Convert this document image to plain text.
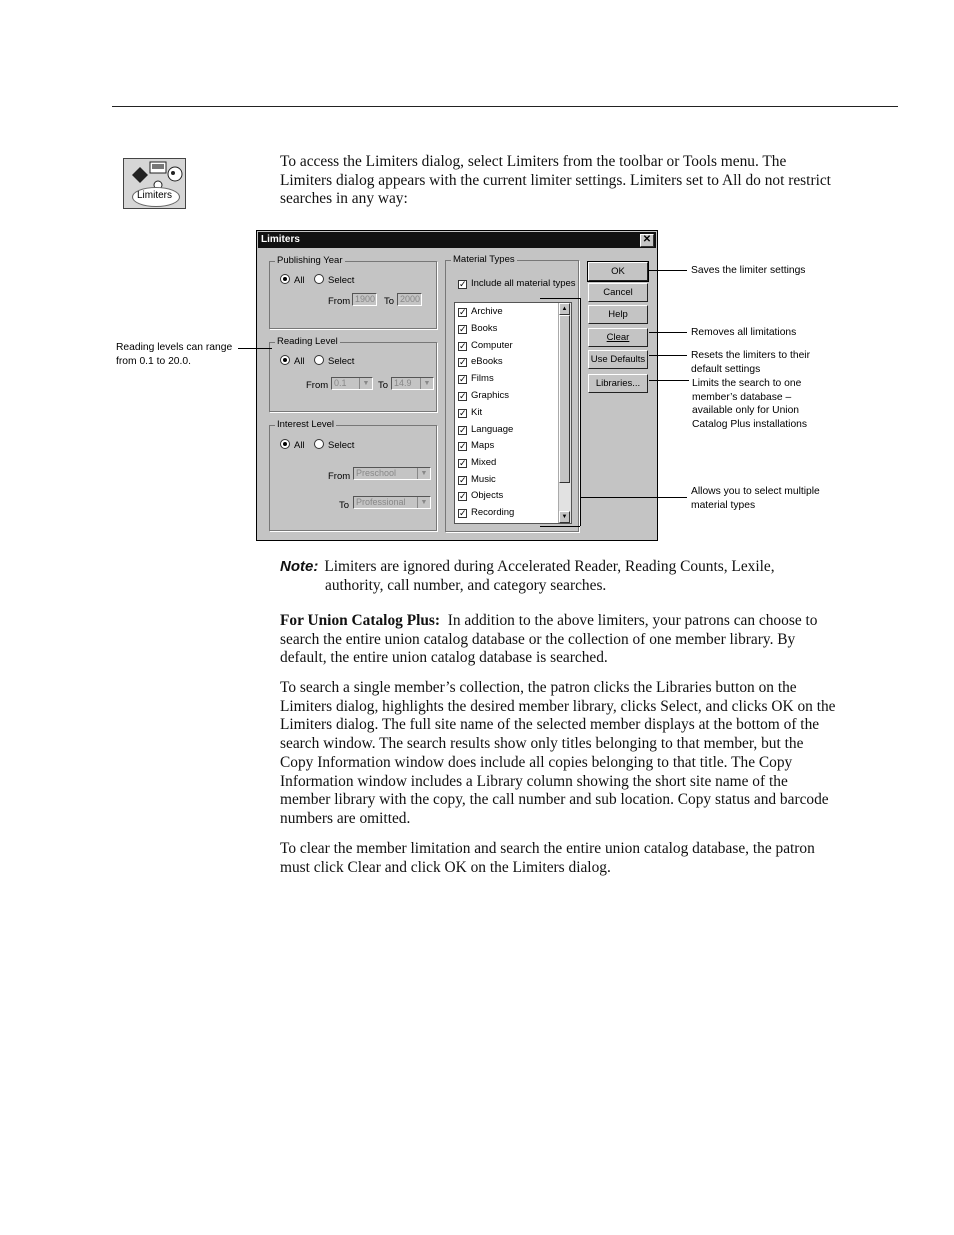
Limiters

To access the Limiters dialog, select Limiters from the toolbar or Tools menu. The Limiters dialog appears with the current limiter settings. Limiters set to All do not restrict searches in any way:

Limiters	✕
Publishing Year
All	Select
From 1900 To 2000
Reading Level
All	Select
From 0.1	▼ To 14.9	▼
Interest Level
All	Select
From Preschool	▼
To Professional	▼
Material Types
✓ Include all material types
✓ Archive
✓ Books
✓ Computer
✓ eBooks
✓ Films
✓ Graphics
✓ Kit
✓ Language
✓ Maps
✓ Mixed
✓ Music
✓ Objects
✓ Recording
▲
▼
OK
Cancel
Help
Clear
Use Defaults
Libraries...
Reading levels can range
from 0.1 to 20.0.
Saves the limiter settings
Removes all limitations
Resets the limiters to their
default settings
Limits the search to one
member’s database –
available only for Union
Catalog Plus installations
Allows you to select multiple
material types
Note: Limiters are ignored during Accelerated Reader, Reading Counts, Lexile,
authority, call number, and category searches.

For Union Catalog Plus: In addition to the above limiters, your patrons can choose to search the entire union catalog database or the collection of one member library. By default, the entire union catalog database is searched.

To search a single member’s collection, the patron clicks the Libraries button on the Limiters dialog, highlights the desired member library, clicks Select, and clicks OK on the Limiters dialog. The full site name of the selected member displays at the bottom of the search window. The search results show only titles belonging to that member, but the Copy Information window does include all copies belonging to that title. The Copy Information window includes a Library column showing the short site name of the member library with the copy, the call number and sub location. Copy status and barcode numbers are omitted.

To clear the member limitation and search the entire union catalog database, the patron must click Clear and click OK on the Limiters dialog.
